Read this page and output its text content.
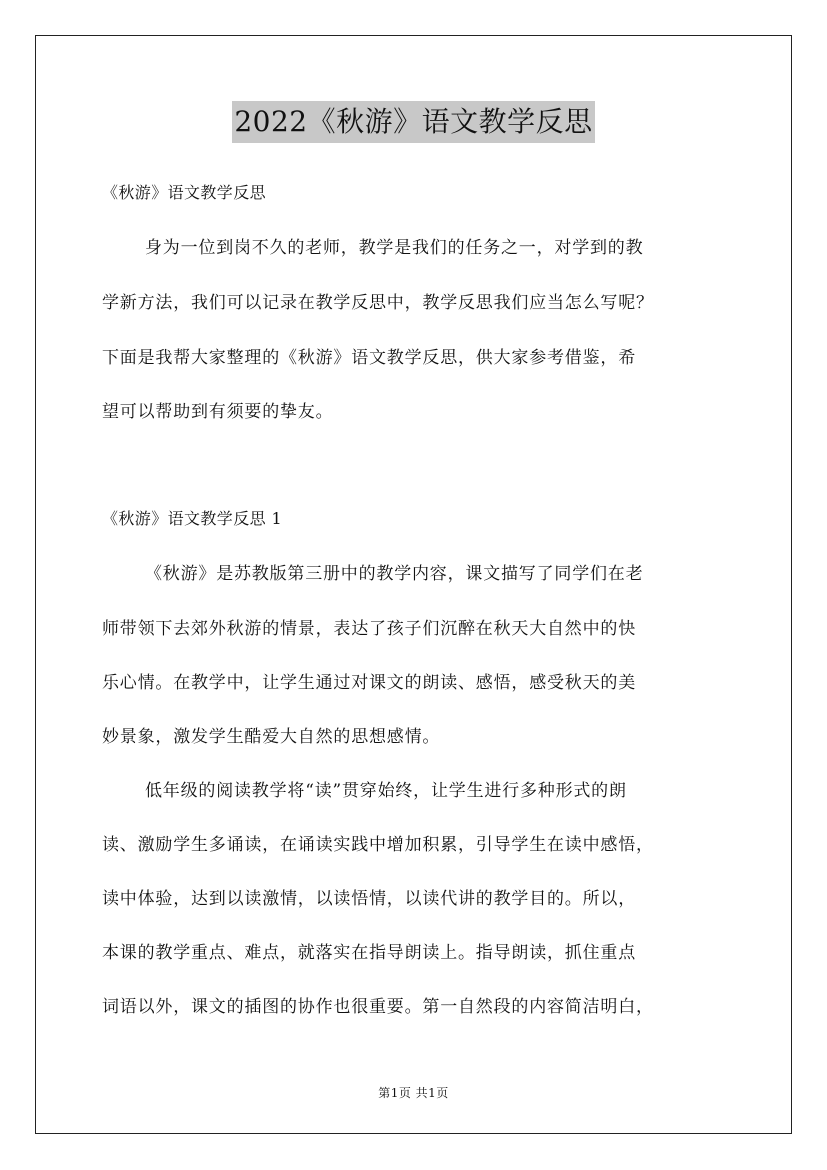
2022《秋游》语文教学反思

《秋游》语文教学反思

身为一位到岗不久的老师，教学是我们的任务之一，对学到的教

学新方法，我们可以记录在教学反思中，教学反思我们应当怎么写呢？

下面是我帮大家整理的《秋游》语文教学反思，供大家参考借鉴，希

望可以帮助到有须要的挚友。

《秋游》语文教学反思 1

《秋游》是苏教版第三册中的教学内容，课文描写了同学们在老

师带领下去郊外秋游的情景，表达了孩子们沉醉在秋天大自然中的快

乐心情。在教学中，让学生通过对课文的朗读、感悟，感受秋天的美

妙景象，激发学生酷爱大自然的思想感情。

低年级的阅读教学将“读”贯穿始终，让学生进行多种形式的朗

读、激励学生多诵读，在诵读实践中增加积累，引导学生在读中感悟，

读中体验，达到以读激情，以读悟情，以读代讲的教学目的。所以，

本课的教学重点、难点，就落实在指导朗读上。指导朗读，抓住重点

词语以外，课文的插图的协作也很重要。第一自然段的内容简洁明白，

第1页 共1页
